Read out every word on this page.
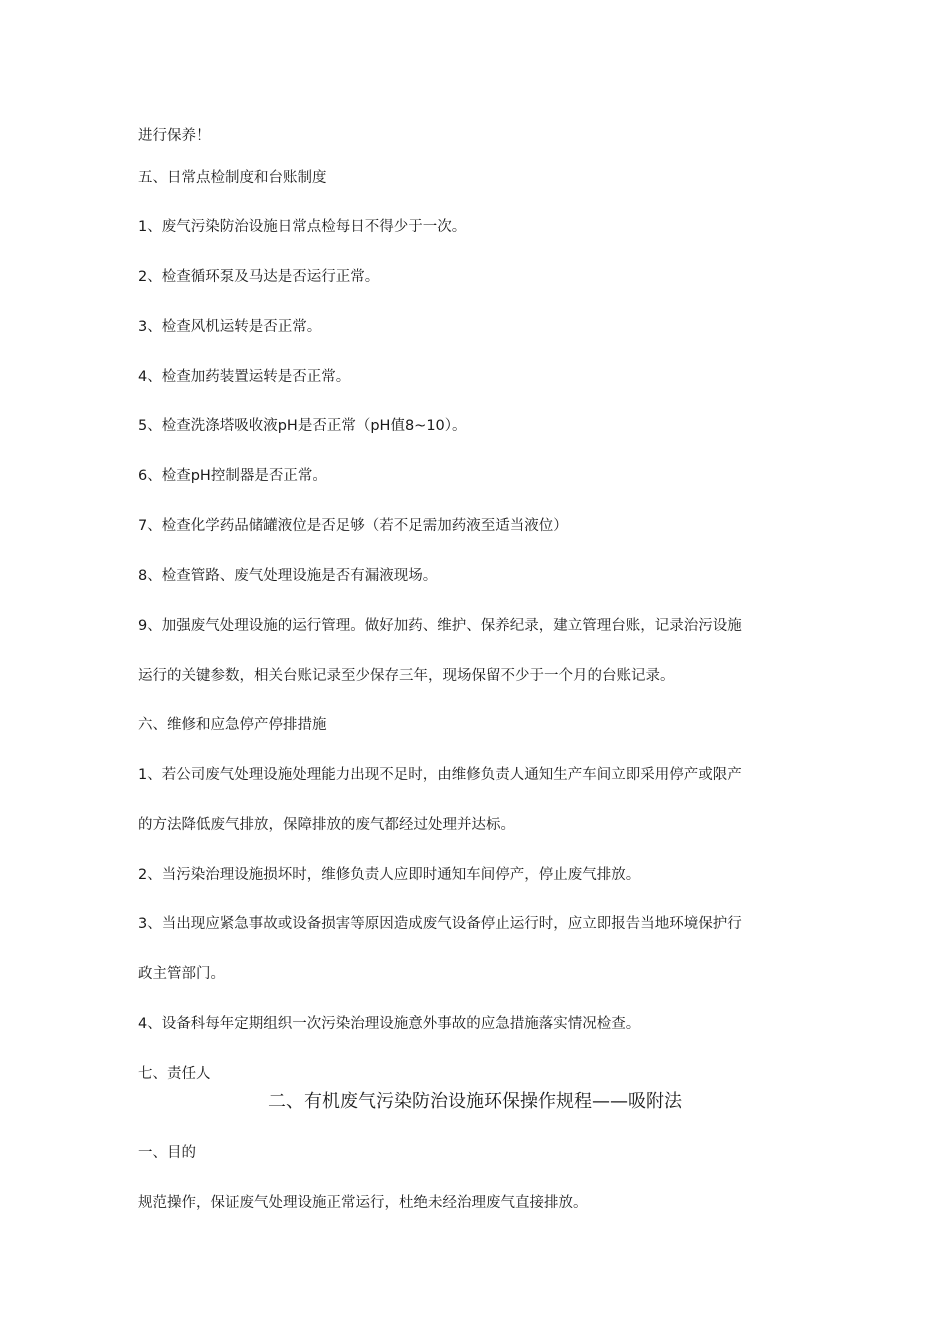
进行保养！

五、日常点检制度和台账制度

1、废气污染防治设施日常点检每日不得少于一次。

2、检查循环泵及马达是否运行正常。

3、检查风机运转是否正常。

4、检查加药装置运转是否正常。

5、检查洗涤塔吸收液pH是否正常（pH值8~10）。

6、检查pH控制器是否正常。

7、检查化学药品储罐液位是否足够（若不足需加药液至适当液位）

8、检查管路、废气处理设施是否有漏液现场。

9、加强废气处理设施的运行管理。做好加药、维护、保养纪录，建立管理台账，记录治污设施

运行的关键参数，相关台账记录至少保存三年，现场保留不少于一个月的台账记录。

六、维修和应急停产停排措施

1、若公司废气处理设施处理能力出现不足时，由维修负责人通知生产车间立即采用停产或限产

的方法降低废气排放，保障排放的废气都经过处理并达标。

2、当污染治理设施损坏时，维修负责人应即时通知车间停产，停止废气排放。

3、当出现应紧急事故或设备损害等原因造成废气设备停止运行时，应立即报告当地环境保护行

政主管部门。

4、设备科每年定期组织一次污染治理设施意外事故的应急措施落实情况检查。

七、责任人

二、有机废气污染防治设施环保操作规程——吸附法

一、目的

规范操作，保证废气处理设施正常运行，杜绝未经治理废气直接排放。
